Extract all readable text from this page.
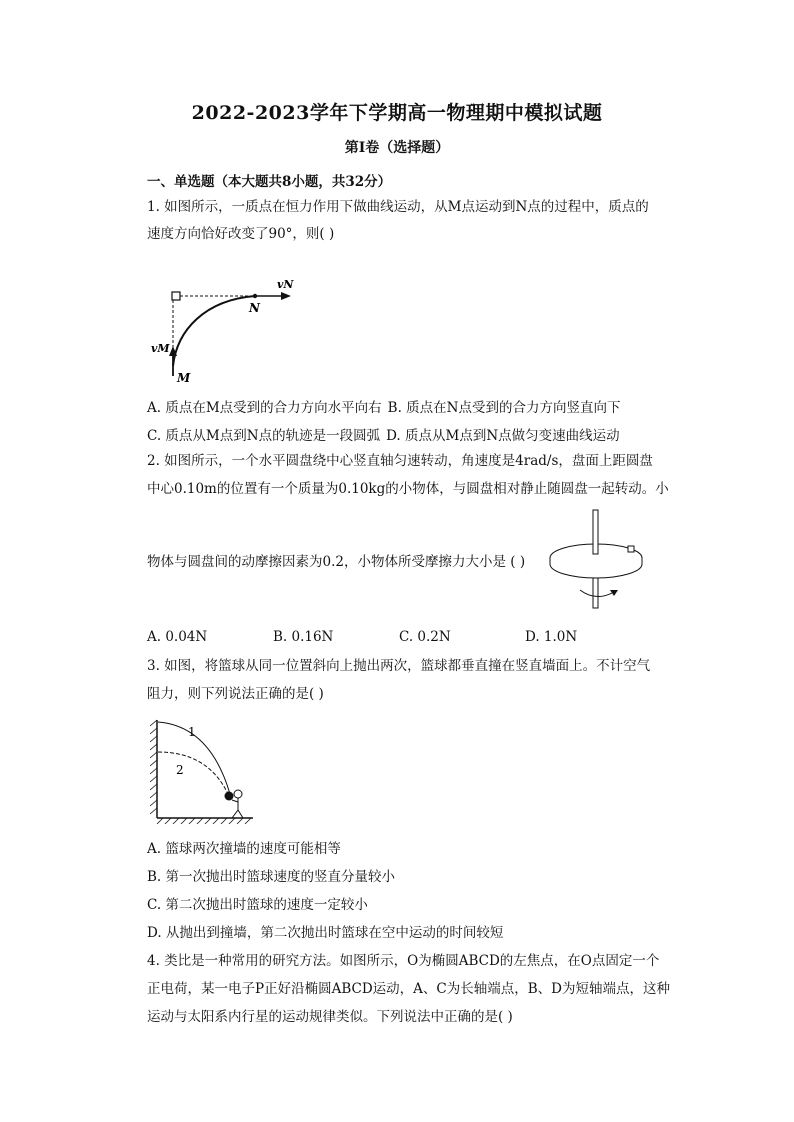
2022-2023学年下学期高一物理期中模拟试题
第I卷（选择题）
一、单选题（本大题共8小题，共32分）
1. 如图所示，一质点在恒力作用下做曲线运动，从M点运动到N点的过程中，质点的
速度方向恰好改变了90°，则( )
vN
N
vM
M
A. 质点在M点受到的合力方向水平向右 B. 质点在N点受到的合力方向竖直向下
C. 质点从M点到N点的轨迹是一段圆弧 D. 质点从M点到N点做匀变速曲线运动
2. 如图所示，一个水平圆盘绕中心竖直轴匀速转动，角速度是4rad/s，盘面上距圆盘
中心0.10m的位置有一个质量为0.10kg的小物体，与圆盘相对静止随圆盘一起转动。小
物体与圆盘间的动摩擦因素为0.2，小物体所受摩擦力大小是 ( )
A. 0.04N	B. 0.16N	C. 0.2N	D. 1.0N
3. 如图，将篮球从同一位置斜向上抛出两次，篮球都垂直撞在竖直墙面上。不计空气
阻力，则下列说法正确的是( )
1
2
A. 篮球两次撞墙的速度可能相等
B. 第一次抛出时篮球速度的竖直分量较小
C. 第二次抛出时篮球的速度一定较小
D. 从抛出到撞墙，第二次抛出时篮球在空中运动的时间较短
4. 类比是一种常用的研究方法。如图所示，O为椭圆ABCD的左焦点，在O点固定一个
正电荷，某一电子P正好沿椭圆ABCD运动，A、C为长轴端点，B、D为短轴端点，这种
运动与太阳系内行星的运动规律类似。下列说法中正确的是( )
